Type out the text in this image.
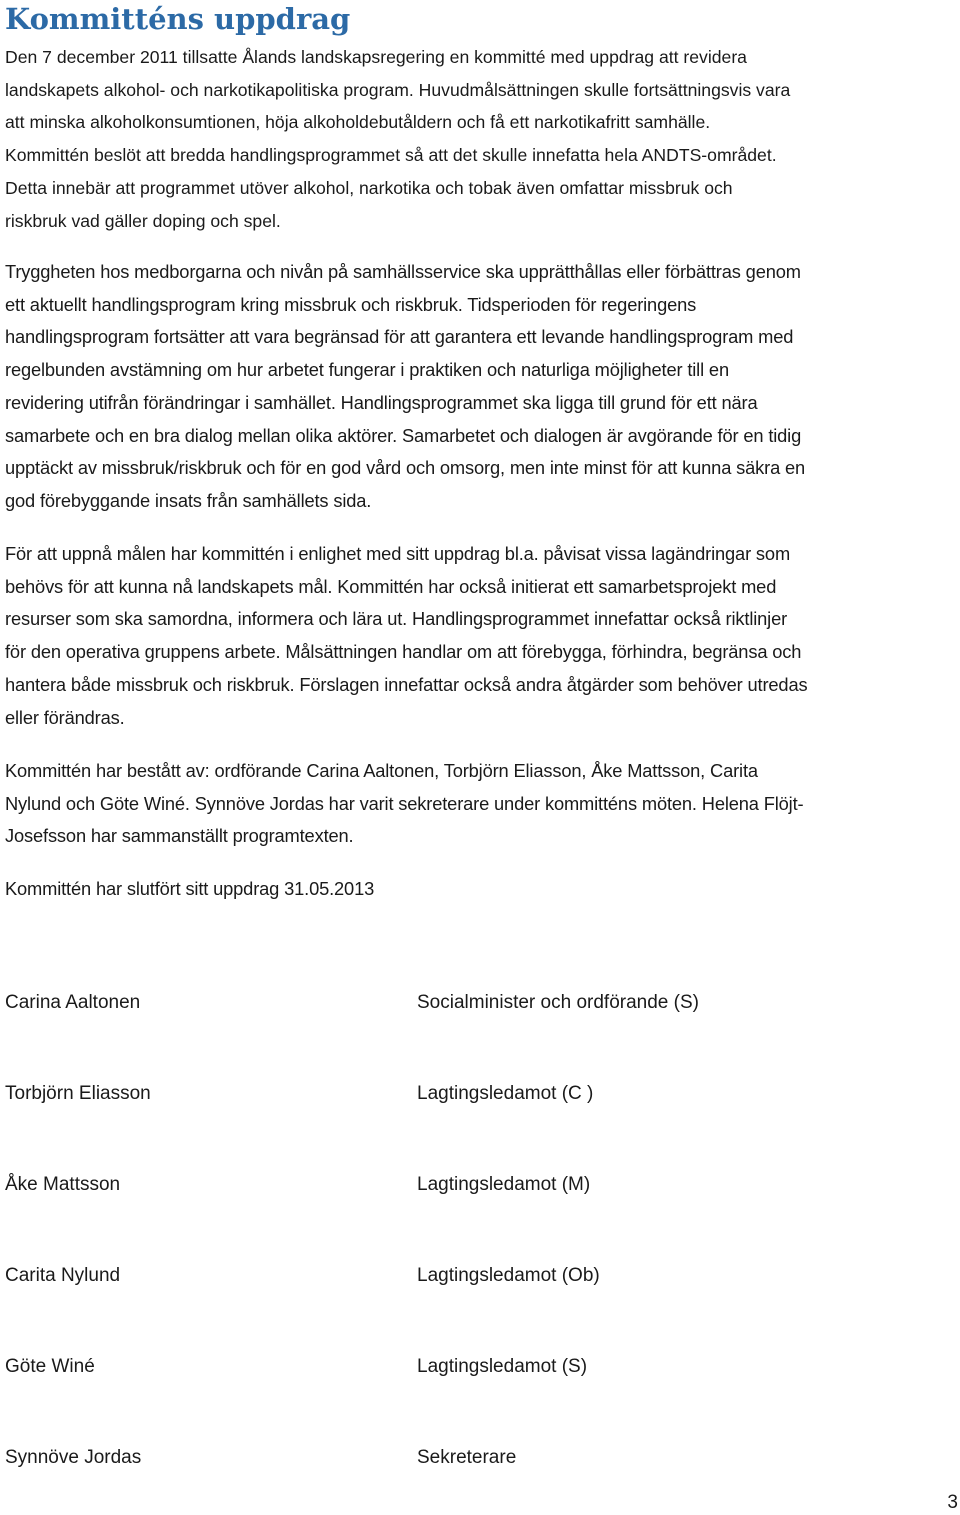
Kommitténs uppdrag

Den 7 december 2011 tillsatte Ålands landskapsregering en kommitté med uppdrag att revidera
landskapets alkohol- och narkotikapolitiska program. Huvudmålsättningen skulle fortsättningsvis vara
att minska alkoholkonsumtionen, höja alkoholdebutåldern och få ett narkotikafritt samhälle.
Kommittén beslöt att bredda handlingsprogrammet så att det skulle innefatta hela ANDTS-området.
Detta innebär att programmet utöver alkohol, narkotika och tobak även omfattar missbruk och
riskbruk vad gäller doping och spel.

Tryggheten hos medborgarna och nivån på samhällsservice ska upprätthållas eller förbättras genom
ett aktuellt handlingsprogram kring missbruk och riskbruk. Tidsperioden för regeringens
handlingsprogram fortsätter att vara begränsad för att garantera ett levande handlingsprogram med
regelbunden avstämning om hur arbetet fungerar i praktiken och naturliga möjligheter till en
revidering utifrån förändringar i samhället. Handlingsprogrammet ska ligga till grund för ett nära
samarbete och en bra dialog mellan olika aktörer. Samarbetet och dialogen är avgörande för en tidig
upptäckt av missbruk/riskbruk och för en god vård och omsorg, men inte minst för att kunna säkra en
god förebyggande insats från samhällets sida.

För att uppnå målen har kommittén i enlighet med sitt uppdrag bl.a. påvisat vissa lagändringar som
behövs för att kunna nå landskapets mål. Kommittén har också initierat ett samarbetsprojekt med
resurser som ska samordna, informera och lära ut. Handlingsprogrammet innefattar också riktlinjer
för den operativa gruppens arbete. Målsättningen handlar om att förebygga, förhindra, begränsa och
hantera både missbruk och riskbruk. Förslagen innefattar också andra åtgärder som behöver utredas
eller förändras.

Kommittén har bestått av: ordförande Carina Aaltonen, Torbjörn Eliasson, Åke Mattsson, Carita
Nylund och Göte Winé. Synnöve Jordas har varit sekreterare under kommitténs möten. Helena Flöjt-
Josefsson har sammanställt programtexten.

Kommittén har slutfört sitt uppdrag 31.05.2013

Carina Aaltonen	Socialminister och ordförande (S)
Torbjörn Eliasson	Lagtingsledamot (C )
Åke Mattsson	Lagtingsledamot (M)
Carita Nylund	Lagtingsledamot (Ob)
Göte Winé	Lagtingsledamot (S)
Synnöve Jordas	Sekreterare
3
